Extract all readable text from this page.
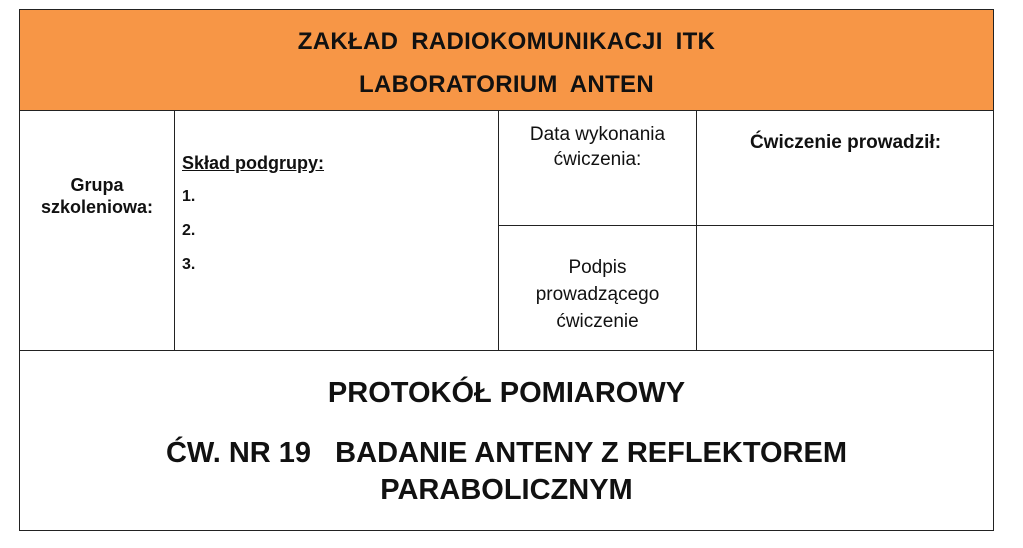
ZAKŁAD RADIOKOMUNIKACJI ITK
LABORATORIUM ANTEN
Grupa
szkoleniowa:
Skład podgrupy:
1.
2.
3.
Data wykonania
ćwiczenia:
Ćwiczenie prowadził:
Podpis
prowadzącego
ćwiczenie
PROTOKÓŁ POMIAROWY
ĆW. NR 19   BADANIE ANTENY Z REFLEKTOREM
PARABOLICZNYM
